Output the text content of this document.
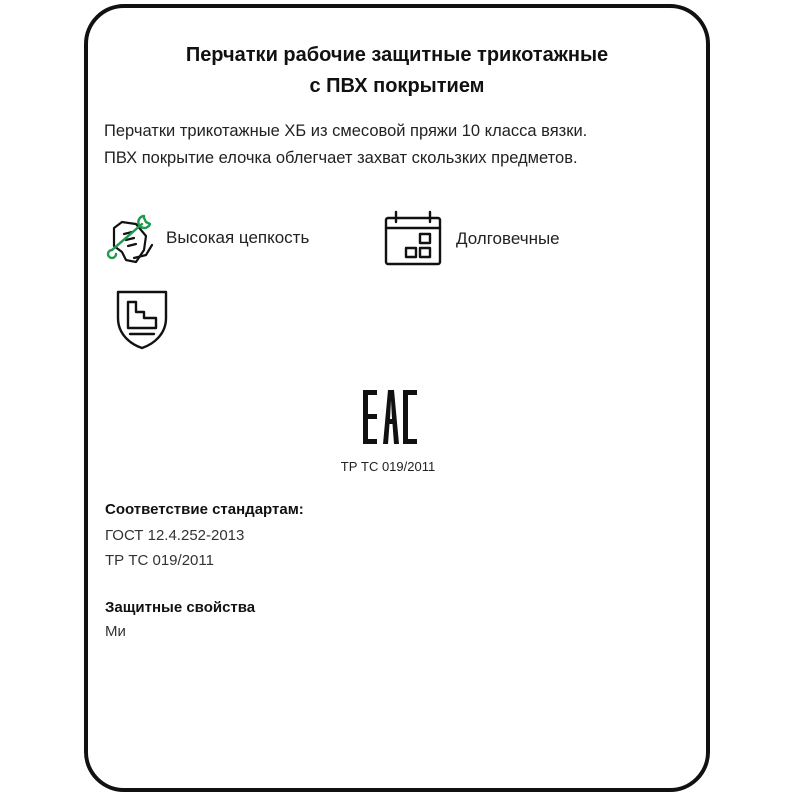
Перчатки рабочие защитные трикотажные
с ПВХ покрытием
Перчатки трикотажные ХБ из смесовой пряжи 10 класса вязки.
ПВХ покрытие елочка облегчает захват скользких предметов.
Высокая цепкость	Долговечные
ТР ТС 019/2011
Соответствие стандартам:
ГОСТ 12.4.252-2013
ТР ТС 019/2011
Защитные свойства
Ми
